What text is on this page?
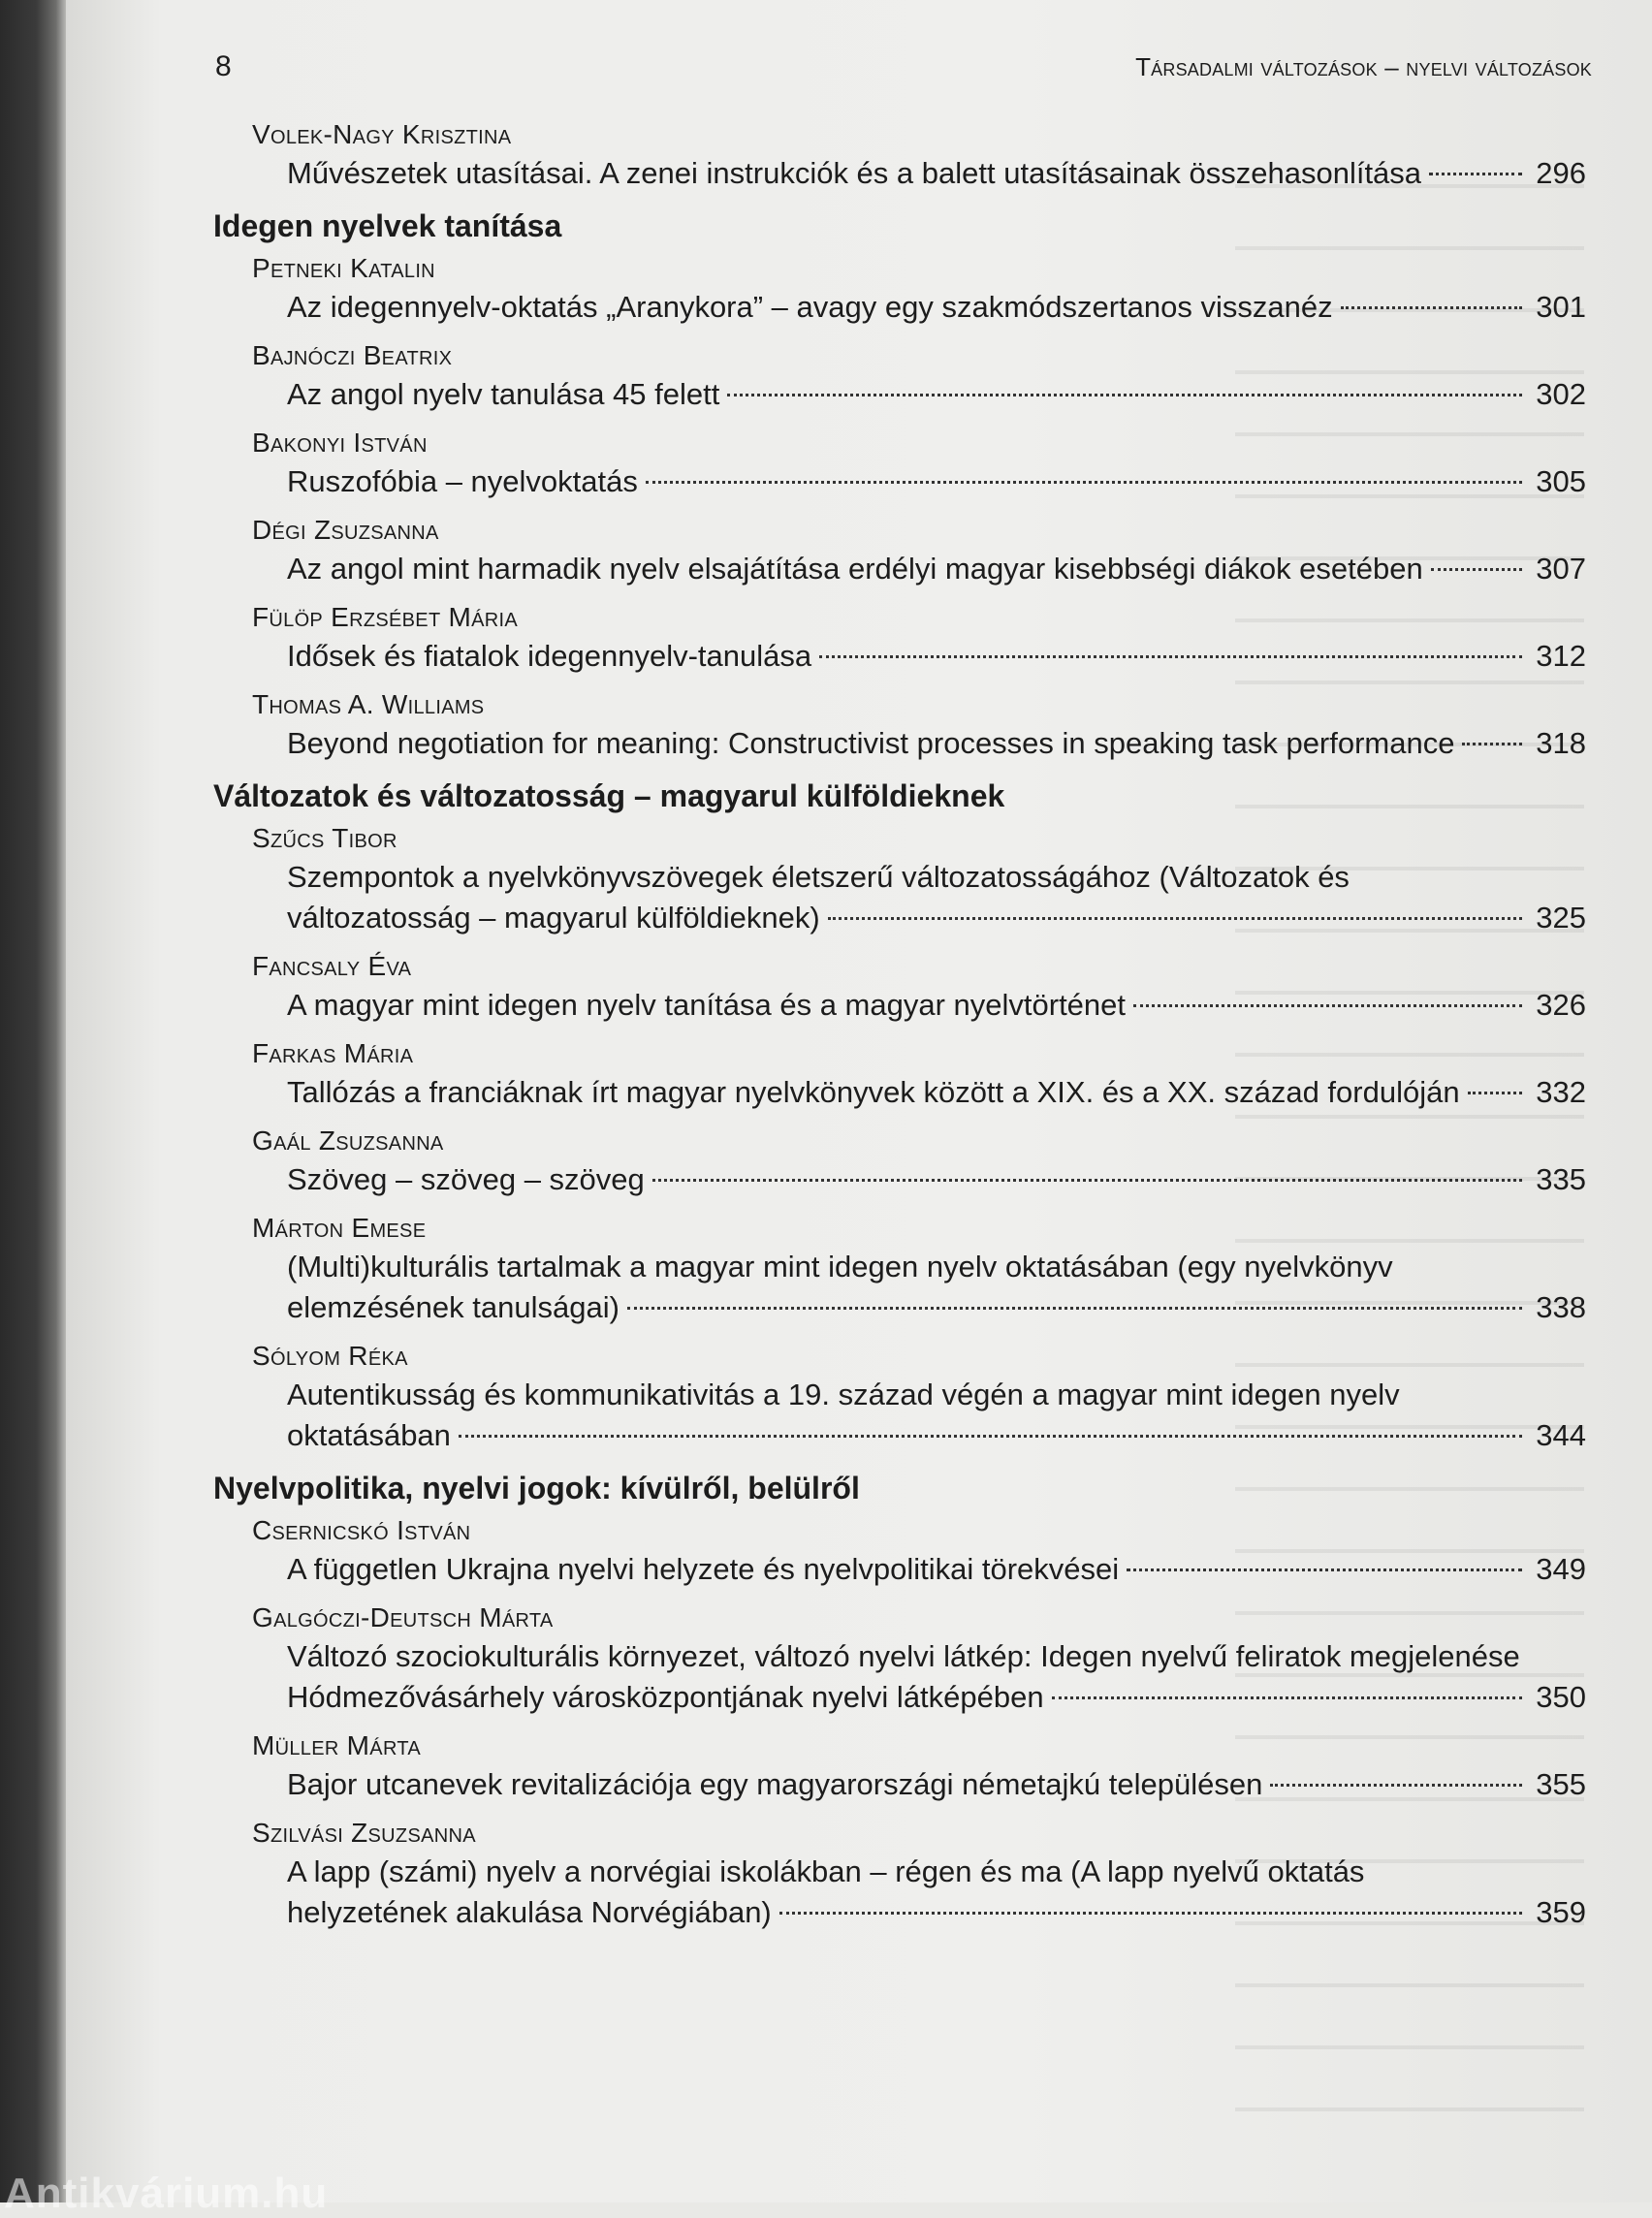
8	Társadalmi változások – nyelvi változások
Volek-Nagy Krisztina
Művészetek utasításai. A zenei instrukciók és a balett utasításainak összehasonlítása	296
Idegen nyelvek tanítása
Petneki Katalin
Az idegennyelv-oktatás „Aranykora” – avagy egy szakmódszertanos visszanéz	301
Bajnóczi Beatrix
Az angol nyelv tanulása 45 felett	302
Bakonyi István
Ruszofóbia – nyelvoktatás	305
Dégi Zsuzsanna
Az angol mint harmadik nyelv elsajátítása erdélyi magyar kisebbségi diákok esetében	307
Fülöp Erzsébet Mária
Idősek és fiatalok idegennyelv-tanulása	312
Thomas A. Williams
Beyond negotiation for meaning: Constructivist processes in speaking task performance	318
Változatok és változatosság – magyarul külföldieknek
Szűcs Tibor
Szempontok a nyelvkönyvszövegek életszerű változatosságához (Változatok és
változatosság – magyarul külföldieknek)	325
Fancsaly Éva
A magyar mint idegen nyelv tanítása és a magyar nyelvtörténet	326
Farkas Mária
Tallózás a franciáknak írt magyar nyelvkönyvek között a XIX. és a XX. század fordulóján	332
Gaál Zsuzsanna
Szöveg – szöveg – szöveg	335
Márton Emese
(Multi)kulturális tartalmak a magyar mint idegen nyelv oktatásában (egy nyelvkönyv
elemzésének tanulságai)	338
Sólyom Réka
Autentikusság és kommunikativitás a 19. század végén a magyar mint idegen nyelv
oktatásában	344
Nyelvpolitika, nyelvi jogok: kívülről, belülről
Csernicskó István
A független Ukrajna nyelvi helyzete és nyelvpolitikai törekvései	349
Galgóczi-Deutsch Márta
Változó szociokulturális környezet, változó nyelvi látkép: Idegen nyelvű feliratok megjelenése
Hódmezővásárhely városközpontjának nyelvi látképében	350
Müller Márta
Bajor utcanevek revitalizációja egy magyarországi németajkú településen	355
Szilvási Zsuzsanna
A lapp (számi) nyelv a norvégiai iskolákban – régen és ma (A lapp nyelvű oktatás
helyzetének alakulása Norvégiában)	359
Antikvárium.hu
